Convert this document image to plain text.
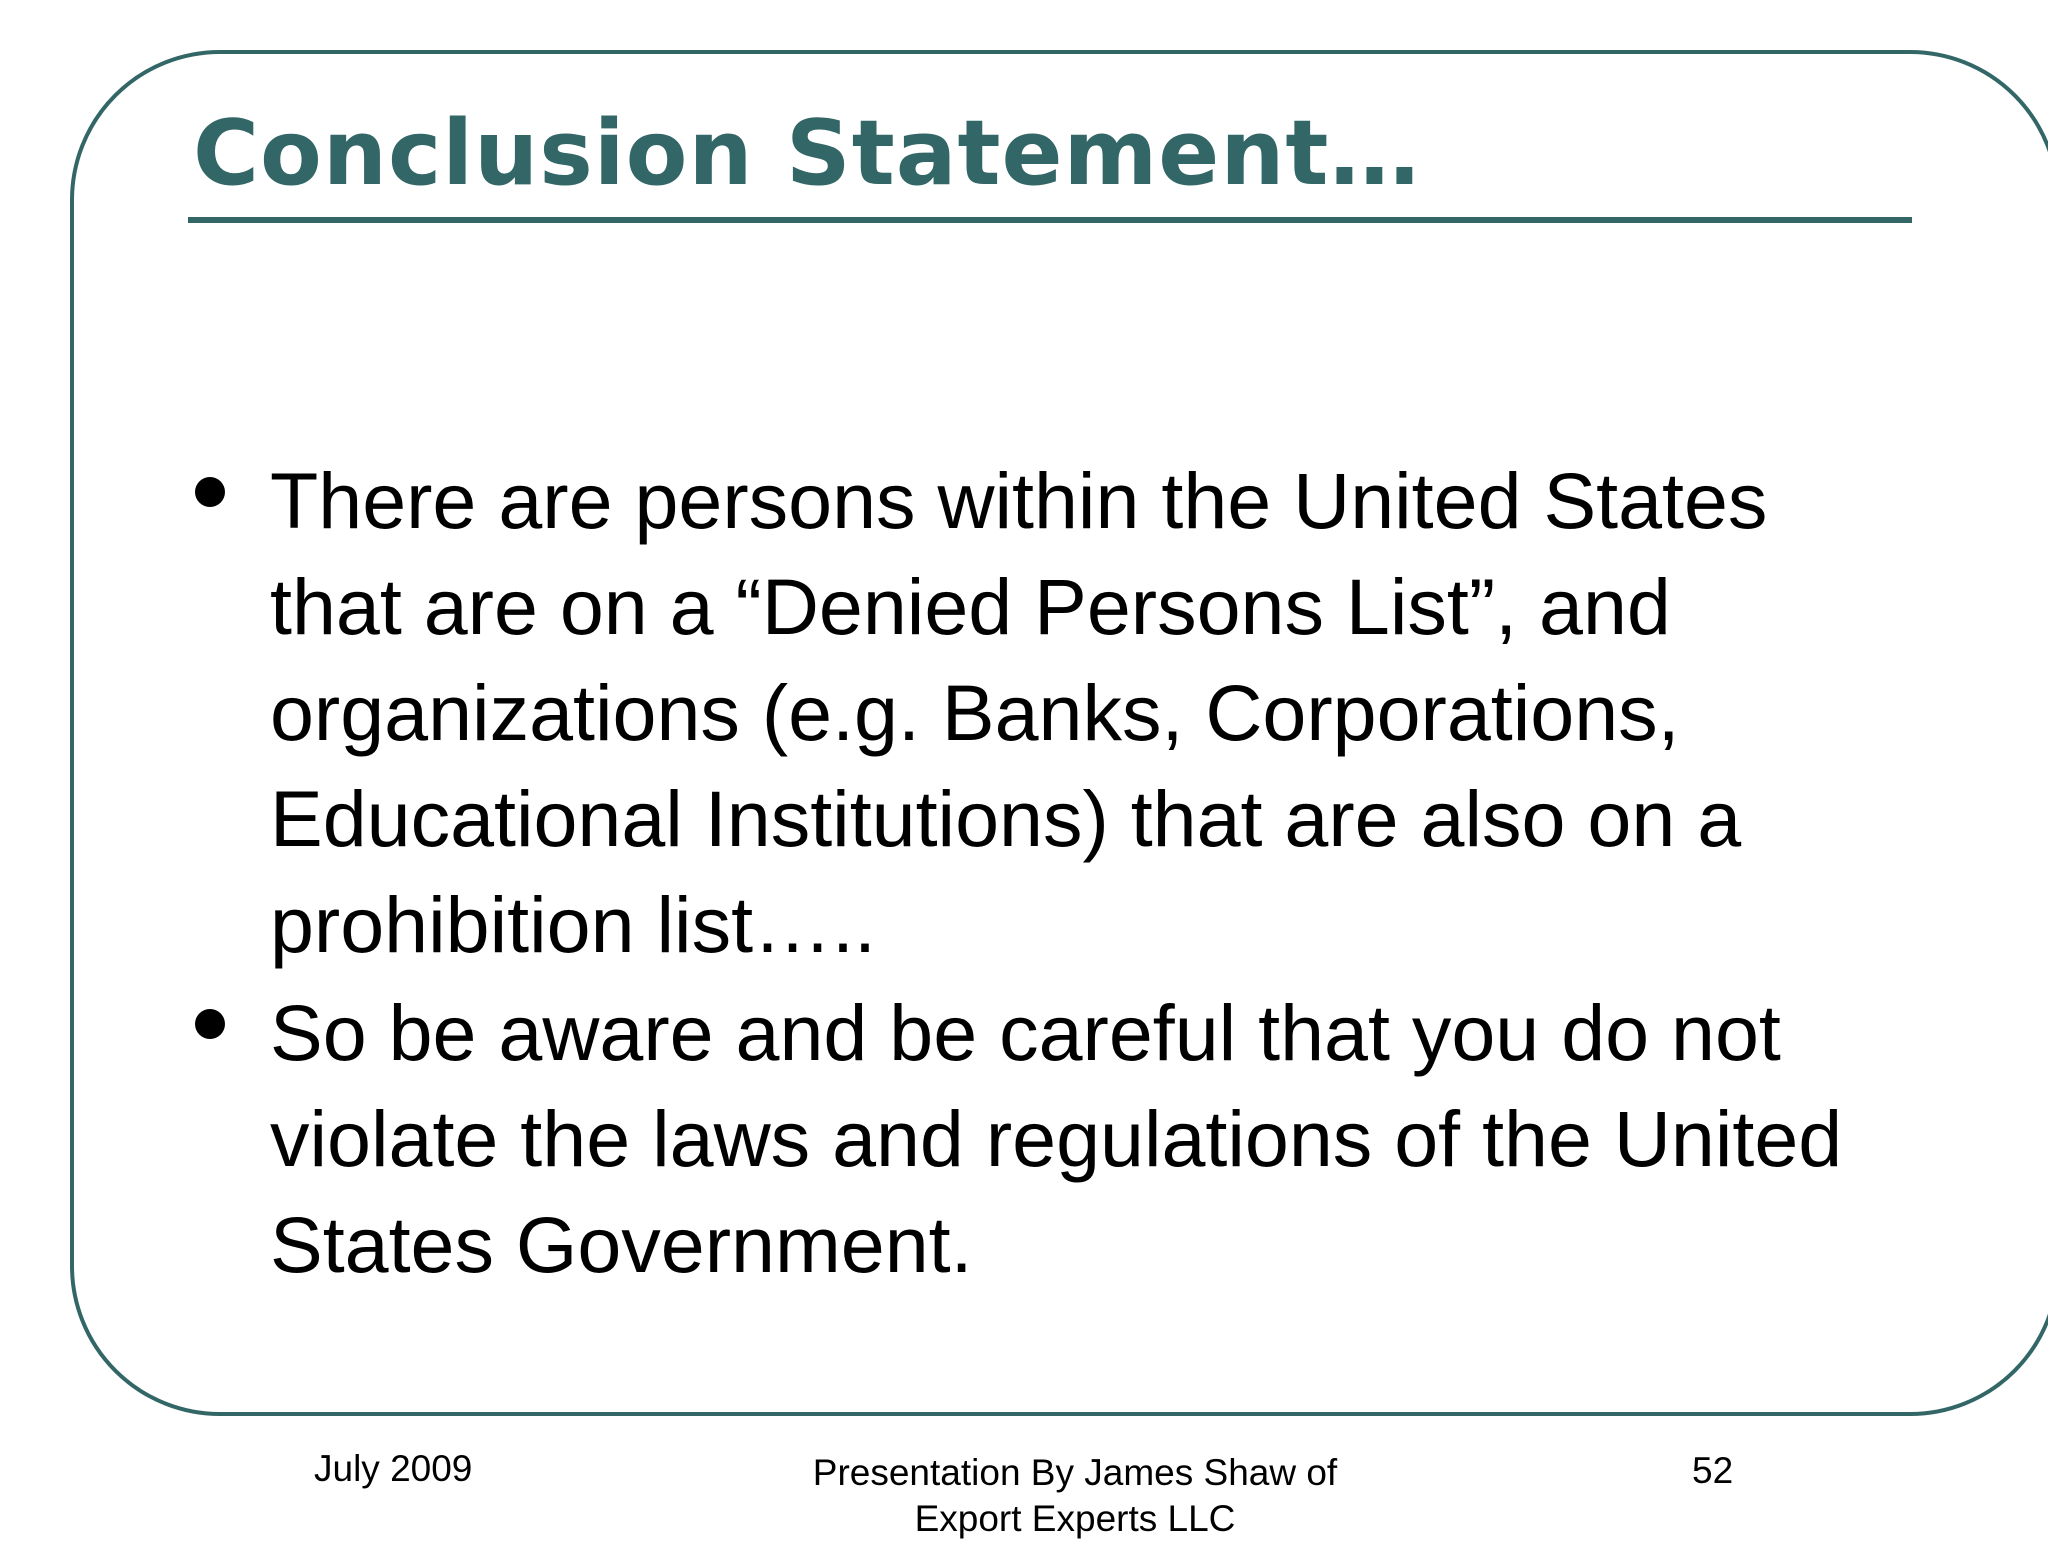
Conclusion Statement…
There are persons within the United States that are on a “Denied Persons List”, and organizations (e.g. Banks, Corporations, Educational Institutions) that are also on a prohibition list…..
So be aware and be careful that you do not violate the laws and regulations of the United States Government.
July 2009	Presentation By James Shaw of
Export Experts LLC
52
